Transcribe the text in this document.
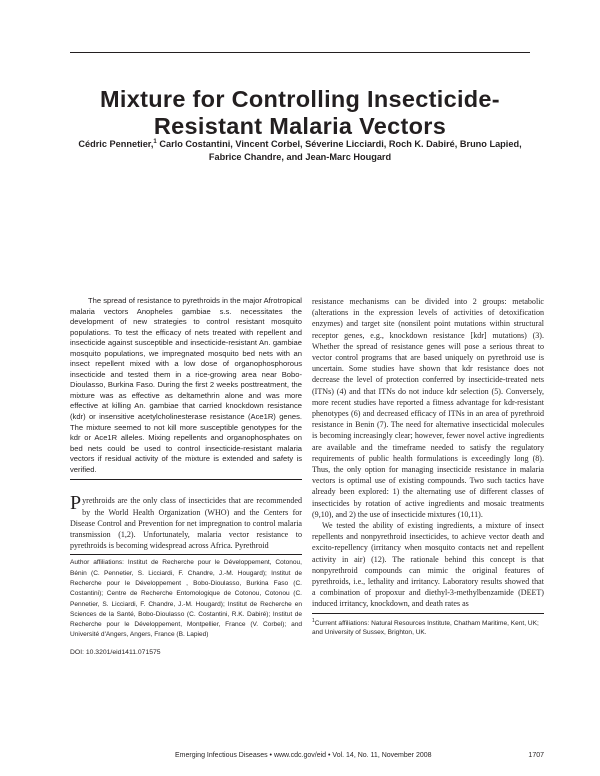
Mixture for Controlling Insecticide-
Resistant Malaria Vectors
Cédric Pennetier,$^1$ Carlo Costantini, Vincent Corbel, Séverine Licciardi, Roch K. Dabiré, Bruno Lapied,
Fabrice Chandre, and Jean-Marc Hougard

The spread of resistance to pyrethroids in the major Afrotropical malaria vectors Anopheles gambiae s.s. necessitates the development of new strategies to control resistant mosquito populations. To test the efficacy of nets treated with repellent and insecticide against susceptible and insecticide-resistant An. gambiae mosquito populations, we impregnated mosquito bed nets with an insect repellent mixed with a low dose of organophosphorous insecticide and tested them in a rice-growing area near Bobo-Dioulasso, Burkina Faso. During the first 2 weeks posttreatment, the mixture was as effective as deltamethrin alone and was more effective at killing An. gambiae that carried knockdown resistance (kdr) or insensitive acetylcholinesterase resistance (Ace1R) genes. The mixture seemed to not kill more susceptible genotypes for the kdr or Ace1R alleles. Mixing repellents and organophosphates on bed nets could be used to control insecticide-resistant malaria vectors if residual activity of the mixture is extended and safety is verified.

Pyrethroids are the only class of insecticides that are recommended by the World Health Organization (WHO) and the Centers for Disease Control and Prevention for net impregnation to control malaria transmission (1,2). Unfortunately, malaria vector resistance to pyrethroids is becoming widespread across Africa. Pyrethroid

Author affiliations: Institut de Recherche pour le Développement, Cotonou, Bénin (C. Pennetier, S. Licciardi, F. Chandre, J.-M. Hougard); Institut de Recherche pour le Développement , Bobo-Dioulasso, Burkina Faso (C. Costantini); Centre de Recherche Entomologique de Cotonou, Cotonou (C. Pennetier, S. Licciardi, F. Chandre, J.-M. Hougard); Institut de Recherche en Sciences de la Santé, Bobo-Dioulasso (C. Costantini, R.K. Dabiré); Institut de Recherche pour le Développement, Montpellier, France (V. Corbel); and Université d'Angers, Angers, France (B. Lapied)

DOI: 10.3201/eid1411.071575

resistance mechanisms can be divided into 2 groups: metabolic (alterations in the expression levels of activities of detoxification enzymes) and target site (nonsilent point mutations within structural receptor genes, e.g., knockdown resistance [kdr] mutations) (3). Whether the spread of resistance genes will pose a serious threat to vector control programs that are based uniquely on pyrethroid use is uncertain. Some studies have shown that kdr resistance does not decrease the level of protection conferred by insecticide-treated nets (ITNs) (4) and that ITNs do not induce kdr selection (5). Conversely, more recent studies have reported a fitness advantage for kdr-resistant phenotypes (6) and decreased efficacy of ITNs in an area of pyrethroid resistance in Benin (7). The need for alternative insecticidal molecules is becoming increasingly clear; however, fewer novel active ingredients are available and the timeframe needed to satisfy the regulatory requirements of public health formulations is exceedingly long (8). Thus, the only option for managing insecticide resistance in malaria vectors is optimal use of existing compounds. Two such tactics have already been explored: 1) the alternating use of different classes of insecticides by rotation of active ingredients and mosaic treatments (9,10), and 2) the use of insecticide mixtures (10,11).

We tested the ability of existing ingredients, a mixture of insect repellents and nonpyrethroid insecticides, to achieve vector death and excito-repellency (irritancy when mosquito contacts net and repellent activity in air) (12). The rationale behind this concept is that nonpyrethroid compounds can mimic the original features of pyrethroids, i.e., lethality and irritancy. Laboratory results showed that a combination of propoxur and diethyl-3-methylbenzamide (DEET) induced irritancy, knockdown, and death rates as

$^1$Current affiliations: Natural Resources Institute, Chatham Maritime, Kent, UK; and University of Sussex, Brighton, UK.

Emerging Infectious Diseases • www.cdc.gov/eid • Vol. 14, No. 11, November 2008	1707
